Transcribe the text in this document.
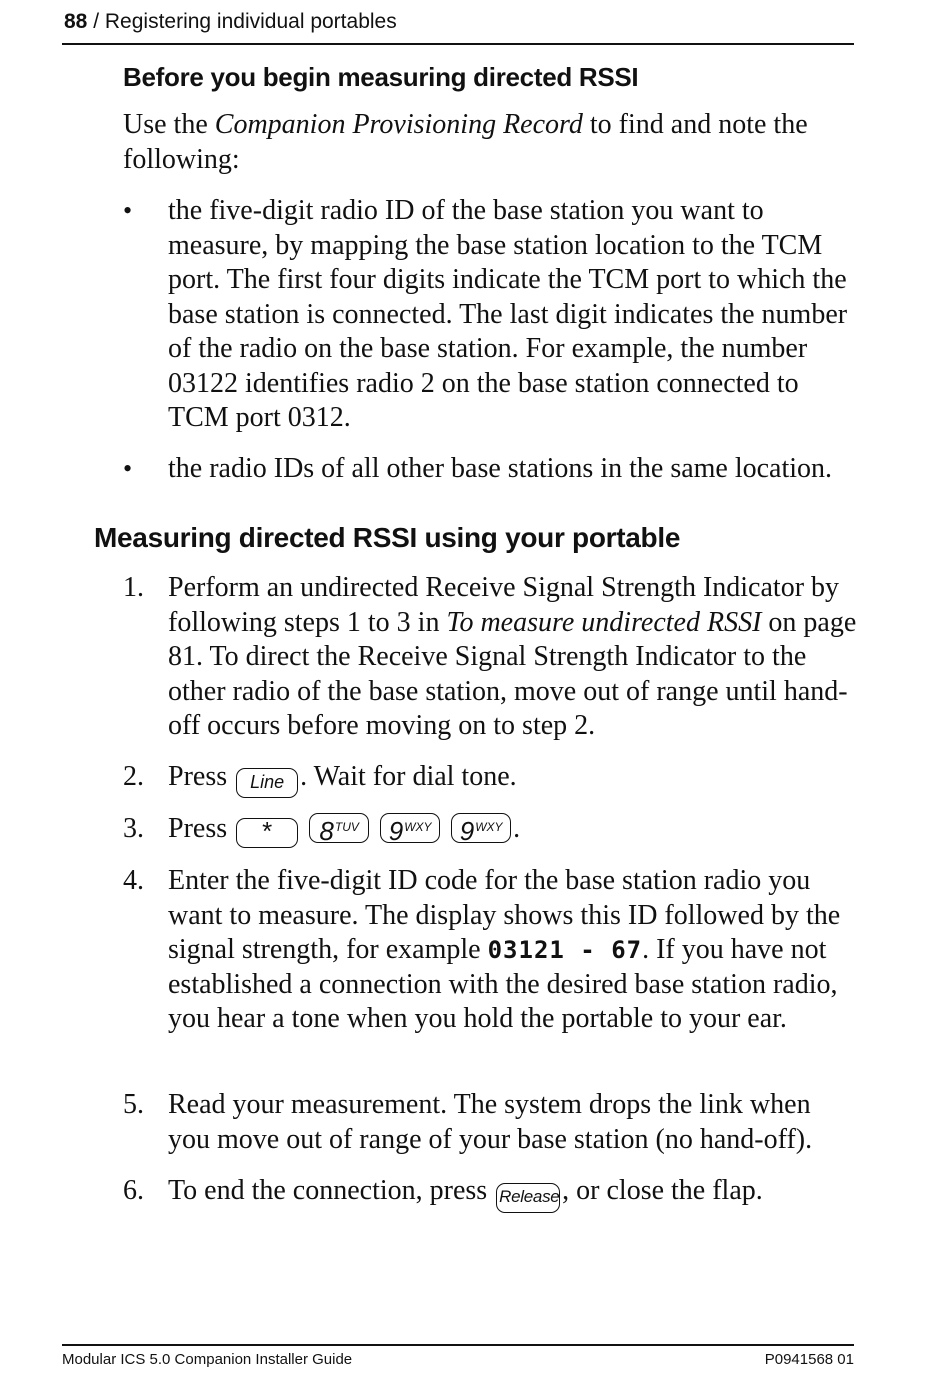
88 / Registering individual portables
Before you begin measuring directed RSSI
Use the Companion Provisioning Record to find and note the following:
•	the five-digit radio ID of the base station you want to measure, by mapping the base station location to the TCM port. The first four digits indicate the TCM port to which the base station is connected. The last digit indicates the number of the radio on the base station. For example, the number 03122 identifies radio 2 on the base station connected to TCM port 0312.
•	the radio IDs of all other base stations in the same location.
Measuring directed RSSI using your portable
1. Perform an undirected Receive Signal Strength Indicator by following steps 1 to 3 in To measure undirected RSSI on page 81. To direct the Receive Signal Strength Indicator to the other radio of the base station, move out of range until hand-off occurs before moving on to step 2.
2. Press Line . Wait for dial tone.
3. Press * $8^{TUV}$ $9^{WXY}$ $9^{WXY}$ .
4. Enter the five-digit ID code for the base station radio you want to measure. The display shows this ID followed by the signal strength, for example 03121 - 67. If you have not established a connection with the desired base station radio, you hear a tone when you hold the portable to your ear.
5. Read your measurement. The system drops the link when you move out of range of your base station (no hand-off).
6. To end the connection, press Release, or close the flap.
Modular ICS 5.0 Companion Installer Guide	P0941568 01
